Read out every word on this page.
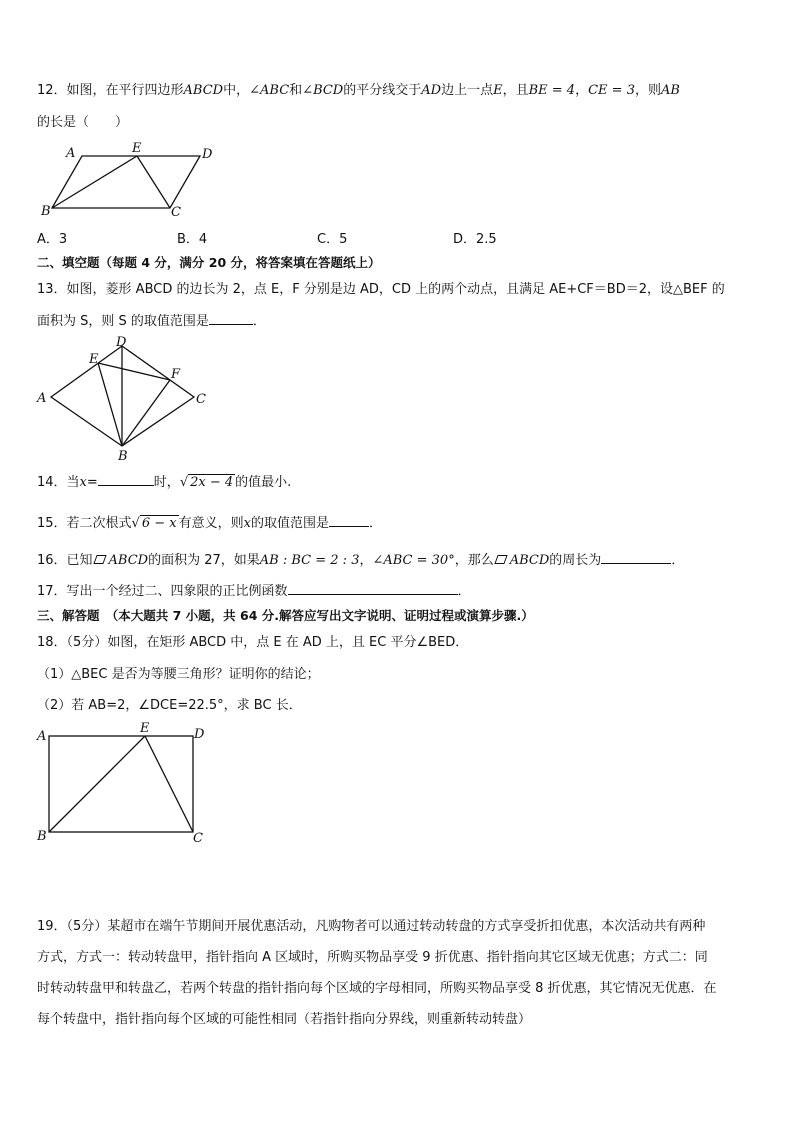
12．如图，在平行四边形ABCD中，∠ABC和∠BCD的平分线交于AD边上一点E，且BE = 4，CE = 3，则AB
的长是（　　）
A	E	D
B	C
A．3	B．4	C．5	D．2.5
二、填空题（每题 4 分，满分 20 分，将答案填在答题纸上）
13．如图，菱形 ABCD 的边长为 2，点 E，F 分别是边 AD，CD 上的两个动点，且满足 AE+CF＝BD＝2，设△BEF 的
面积为 S，则 S 的取值范围是	．
A
D
E
F
C
B
14．当x=	时，√ 2x − 4 的值最小.
15．若二次根式√ 6 − x 有意义，则x的取值范围是	．
16．已知 ABCD的面积为 27，如果AB : BC = 2 : 3，∠ABC = 30°，那么 ABCD的周长为	．
17．写出一个经过二、四象限的正比例函数	．
三、解答题　（本大题共 7 小题，共 64 分.解答应写出文字说明、证明过程或演算步骤.）
18．（5分）如图，在矩形 ABCD 中，点 E 在 AD 上，且 EC 平分∠BED．
（1）△BEC 是否为等腰三角形？证明你的结论；
（2）若 AB=2，∠DCE=22.5°，求 BC 长．
A
E	D
B	C
19．（5分）某超市在端午节期间开展优惠活动，凡购物者可以通过转动转盘的方式享受折扣优惠，本次活动共有两种
方式，方式一：转动转盘甲，指针指向 A 区域时，所购买物品享受 9 折优惠、指针指向其它区域无优惠；方式二：同
时转动转盘甲和转盘乙，若两个转盘的指针指向每个区域的字母相同，所购买物品享受 8 折优惠，其它情况无优惠．在
每个转盘中，指针指向每个区域的可能性相同（若指针指向分界线，则重新转动转盘）
